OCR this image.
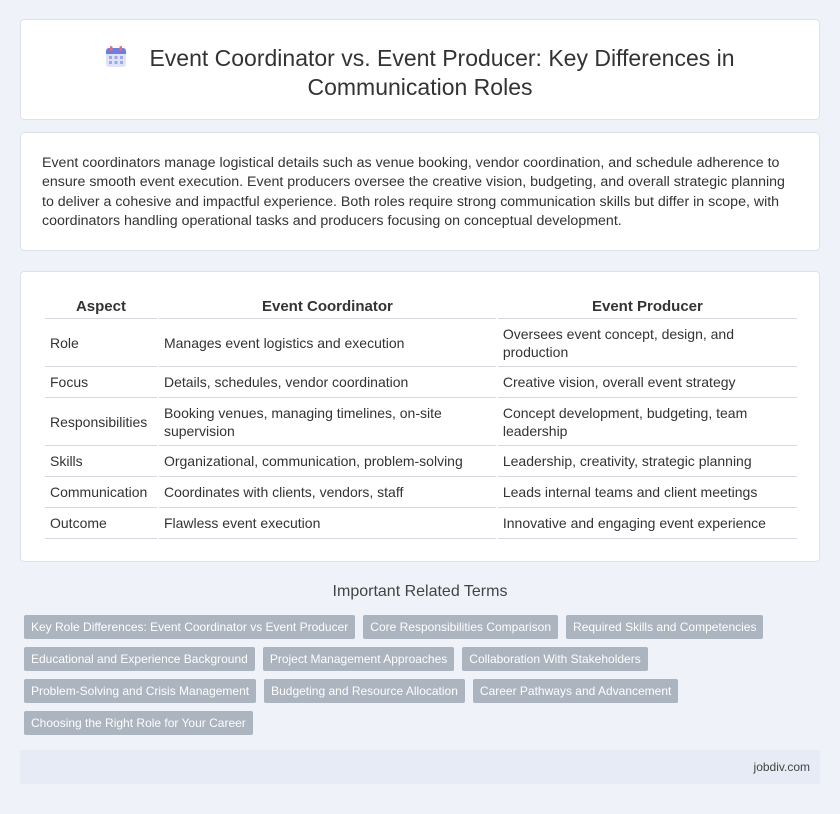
Event Coordinator vs. Event Producer: Key Differences in
Communication Roles

Event coordinators manage logistical details such as venue booking, vendor coordination, and schedule adherence to ensure smooth event execution. Event producers oversee the creative vision, budgeting, and overall strategic planning to deliver a cohesive and impactful experience. Both roles require strong communication skills but differ in scope, with coordinators handling operational tasks and producers focusing on conceptual development.

Aspect	Event Coordinator	Event Producer
Role	Manages event logistics and execution	Oversees event concept, design, and production
Focus	Details, schedules, vendor coordination	Creative vision, overall event strategy
Responsibilities	Booking venues, managing timelines, on-site supervision	Concept development, budgeting, team leadership
Skills	Organizational, communication, problem-solving	Leadership, creativity, strategic planning
Communication	Coordinates with clients, vendors, staff	Leads internal teams and client meetings
Outcome	Flawless event execution	Innovative and engaging event experience
Important Related Terms
Key Role Differences: Event Coordinator vs Event Producer	Core Responsibilities Comparison	Required Skills and Competencies
Educational and Experience Background	Project Management Approaches	Collaboration With Stakeholders
Problem-Solving and Crisis Management	Budgeting and Resource Allocation	Career Pathways and Advancement
Choosing the Right Role for Your Career
jobdiv.com
